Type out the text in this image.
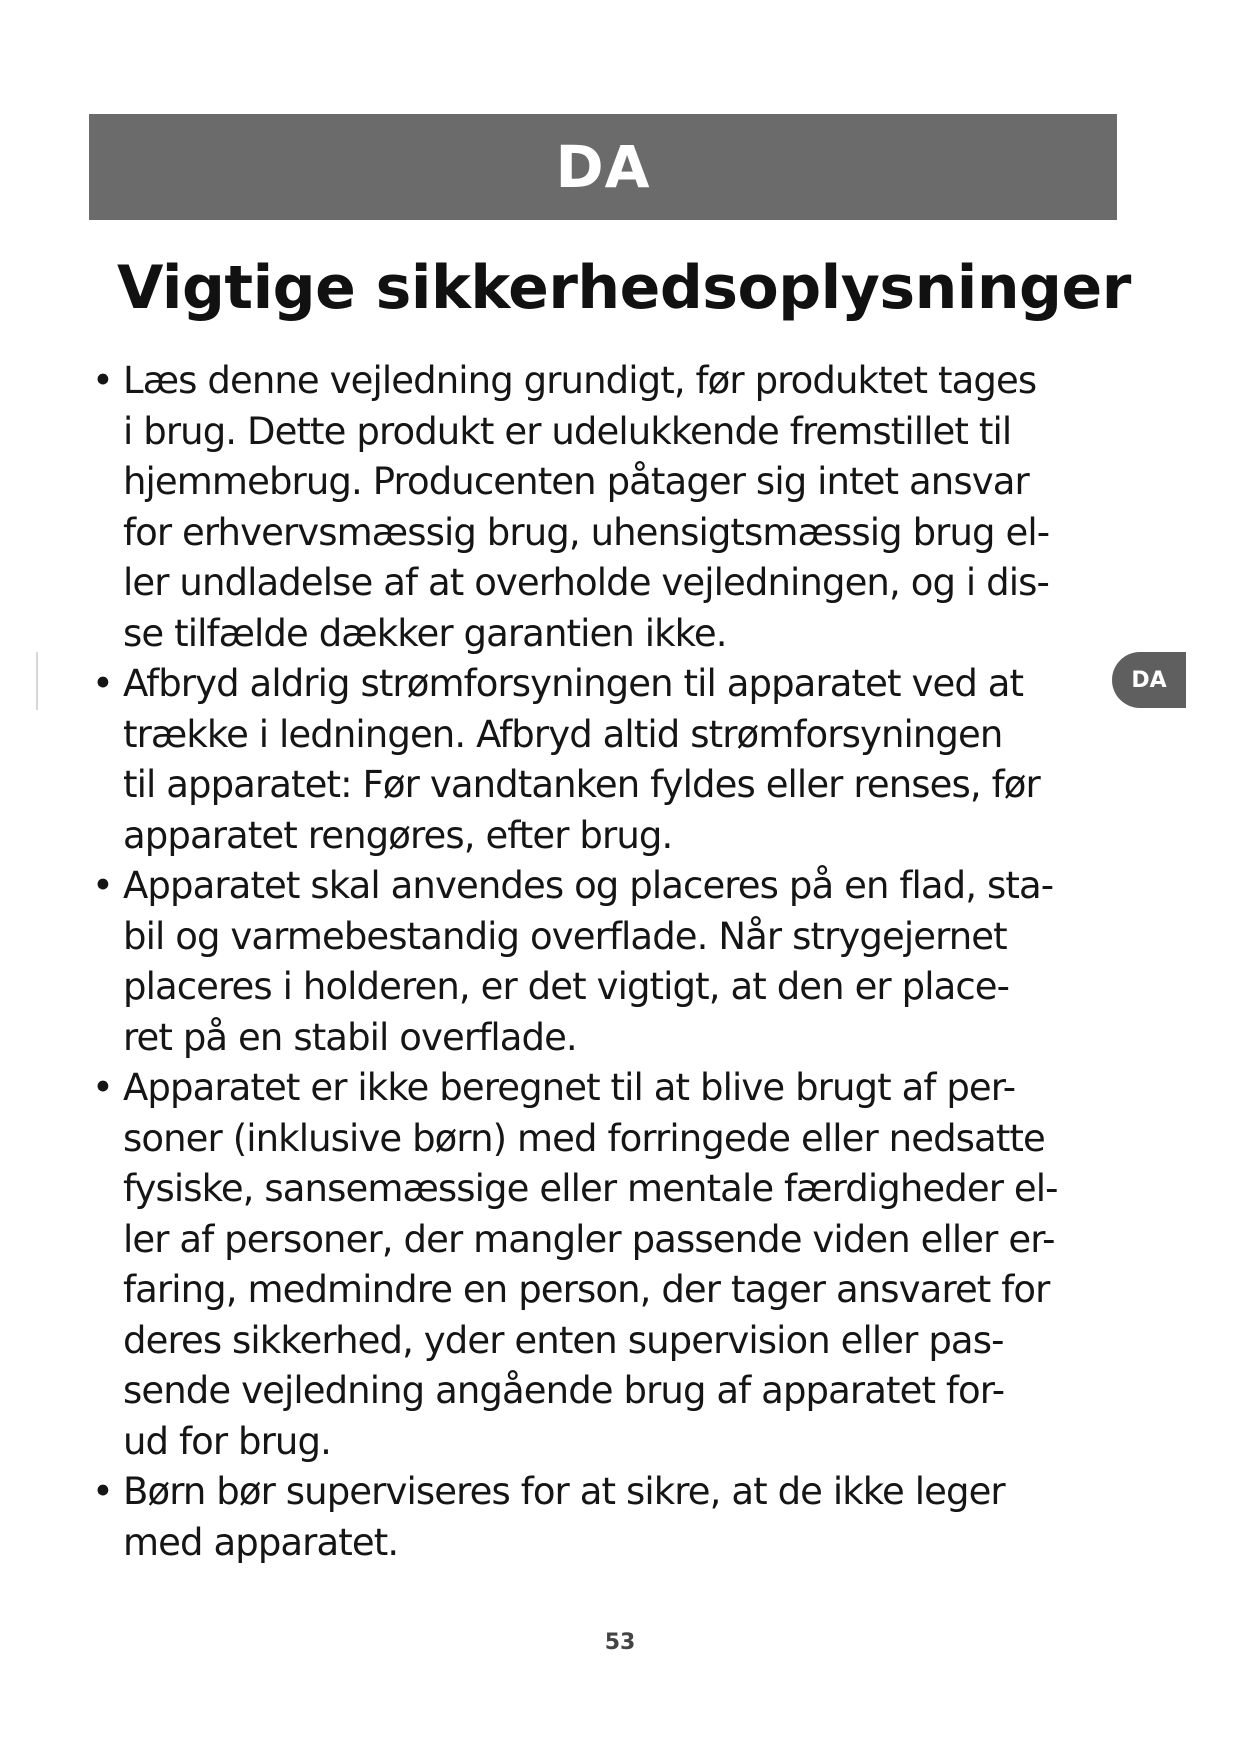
DA
Vigtige sikkerhedsoplysninger
• Læs denne vejledning grundigt, før produktet tages
i brug. Dette produkt er udelukkende fremstillet til
hjemmebrug. Producenten påtager sig intet ansvar
for erhvervsmæssig brug, uhensigtsmæssig brug el-
ler undladelse af at overholde vejledningen, og i dis-
se tilfælde dækker garantien ikke.
• Afbryd aldrig strømforsyningen til apparatet ved at
trække i ledningen. Afbryd altid strømforsyningen
til apparatet: Før vandtanken fyldes eller renses, før
apparatet rengøres, efter brug.
• Apparatet skal anvendes og placeres på en flad, sta-
bil og varmebestandig overflade. Når strygejernet
placeres i holderen, er det vigtigt, at den er place-
ret på en stabil overflade.
• Apparatet er ikke beregnet til at blive brugt af per-
soner (inklusive børn) med forringede eller nedsatte
fysiske, sansemæssige eller mentale færdigheder el-
ler af personer, der mangler passende viden eller er-
faring, medmindre en person, der tager ansvaret for
deres sikkerhed, yder enten supervision eller pas-
sende vejledning angående brug af apparatet for-
ud for brug.
• Børn bør superviseres for at sikre, at de ikke leger
med apparatet.
DA
53
